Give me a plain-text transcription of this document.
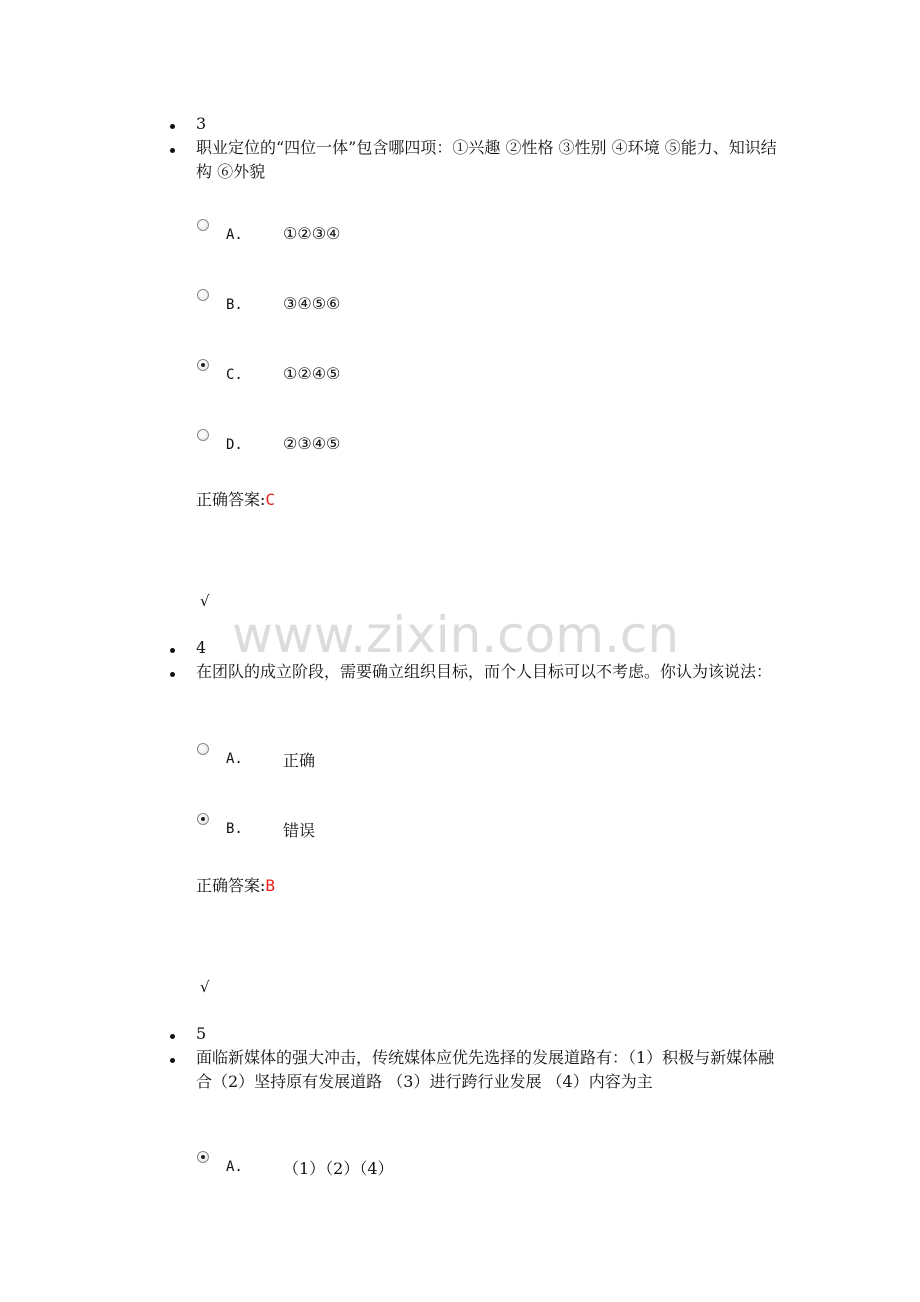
www.zixin.com.cn
3
职业定位的“四位一体”包含哪四项：①兴趣 ②性格 ③性别 ④环境 ⑤能力、知识结构 ⑥外貌
A.	①②③④
B.	③④⑤⑥
C.	①②④⑤
D.	②③④⑤
正确答案:C
√
4
在团队的成立阶段，需要确立组织目标，而个人目标可以不考虑。你认为该说法：
A.	正确
B.	错误
正确答案:B
√
5
面临新媒体的强大冲击，传统媒体应优先选择的发展道路有：（1）积极与新媒体融合（2）坚持原有发展道路 （3）进行跨行业发展 （4）内容为主
A.	（1）（2）（4）
